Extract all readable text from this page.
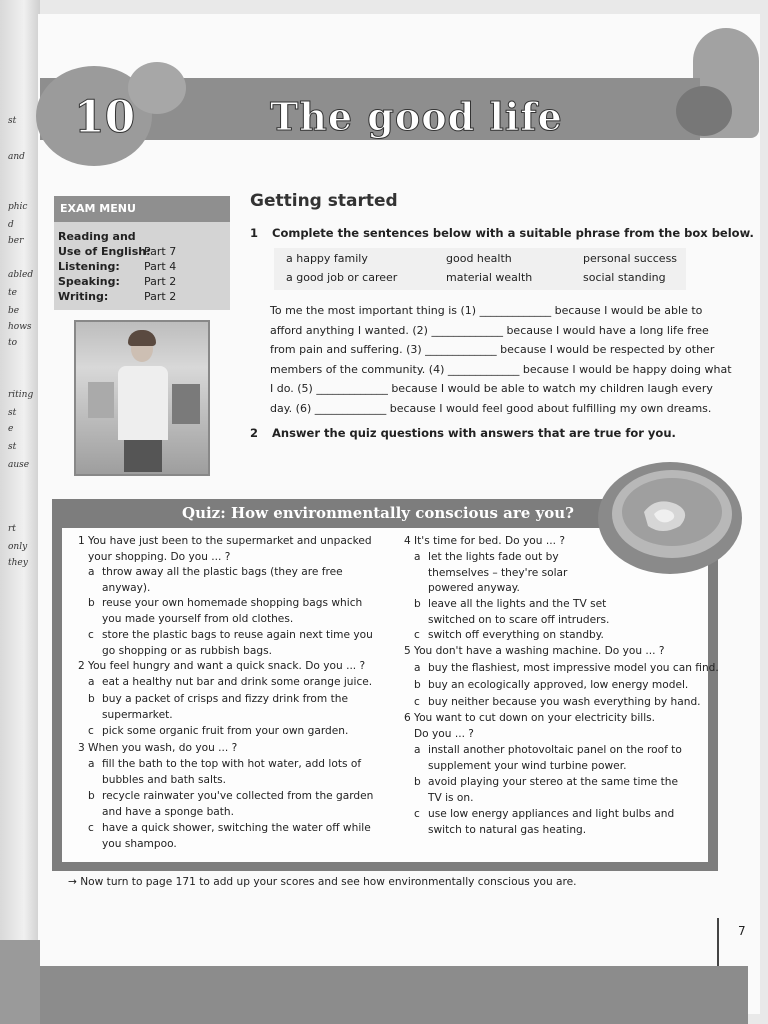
st
and
phic
d
ber
abled
te
be
hows
to
riting
st
e
st
ause
rt
only
they
10	The good life
EXAM MENU
Reading and
Use of English:
Part 7
Listening: Part 4
Speaking: Part 2
Writing:	Part 2
Getting started
1 Complete the sentences below with a suitable phrase from the box below.
a happy family	good health	personal success
a good job or career	material wealth	social standing
To me the most important thing is (1) _____________ because I would be able to
afford anything I wanted. (2) _____________ because I would have a long life free
from pain and suffering. (3) _____________ because I would be respected by other
members of the community. (4) _____________ because I would be happy doing what
I do. (5) _____________ because I would be able to watch my children laugh every
day. (6) _____________ because I would feel good about fulfilling my own dreams.
2 Answer the quiz questions with answers that are true for you.
Quiz: How environmentally conscious are you?
1 You have just been to the supermarket and unpacked
your shopping. Do you ... ?
a throw away all the plastic bags (they are free
anyway).
b reuse your own homemade shopping bags which
you made yourself from old clothes.
c store the plastic bags to reuse again next time you
go shopping or as rubbish bags.
2 You feel hungry and want a quick snack. Do you ... ?
a eat a healthy nut bar and drink some orange juice.
b buy a packet of crisps and fizzy drink from the
supermarket.
c pick some organic fruit from your own garden.
3 When you wash, do you ... ?
a fill the bath to the top with hot water, add lots of
bubbles and bath salts.
b recycle rainwater you've collected from the garden
and have a sponge bath.
c have a quick shower, switching the water off while
you shampoo.
4 It's time for bed. Do you ... ?
a let the lights fade out by
themselves – they're solar
powered anyway.
b leave all the lights and the TV set
switched on to scare off intruders.
c switch off everything on standby.
5 You don't have a washing machine. Do you ... ?
a buy the flashiest, most impressive model you can find.
b buy an ecologically approved, low energy model.
c buy neither because you wash everything by hand.
6 You want to cut down on your electricity bills.
Do you ... ?
a install another photovoltaic panel on the roof to
supplement your wind turbine power.
b avoid playing your stereo at the same time the
TV is on.
c use low energy appliances and light bulbs and
switch to natural gas heating.
→ Now turn to page 171 to add up your scores and see how environmentally conscious you are.
7
